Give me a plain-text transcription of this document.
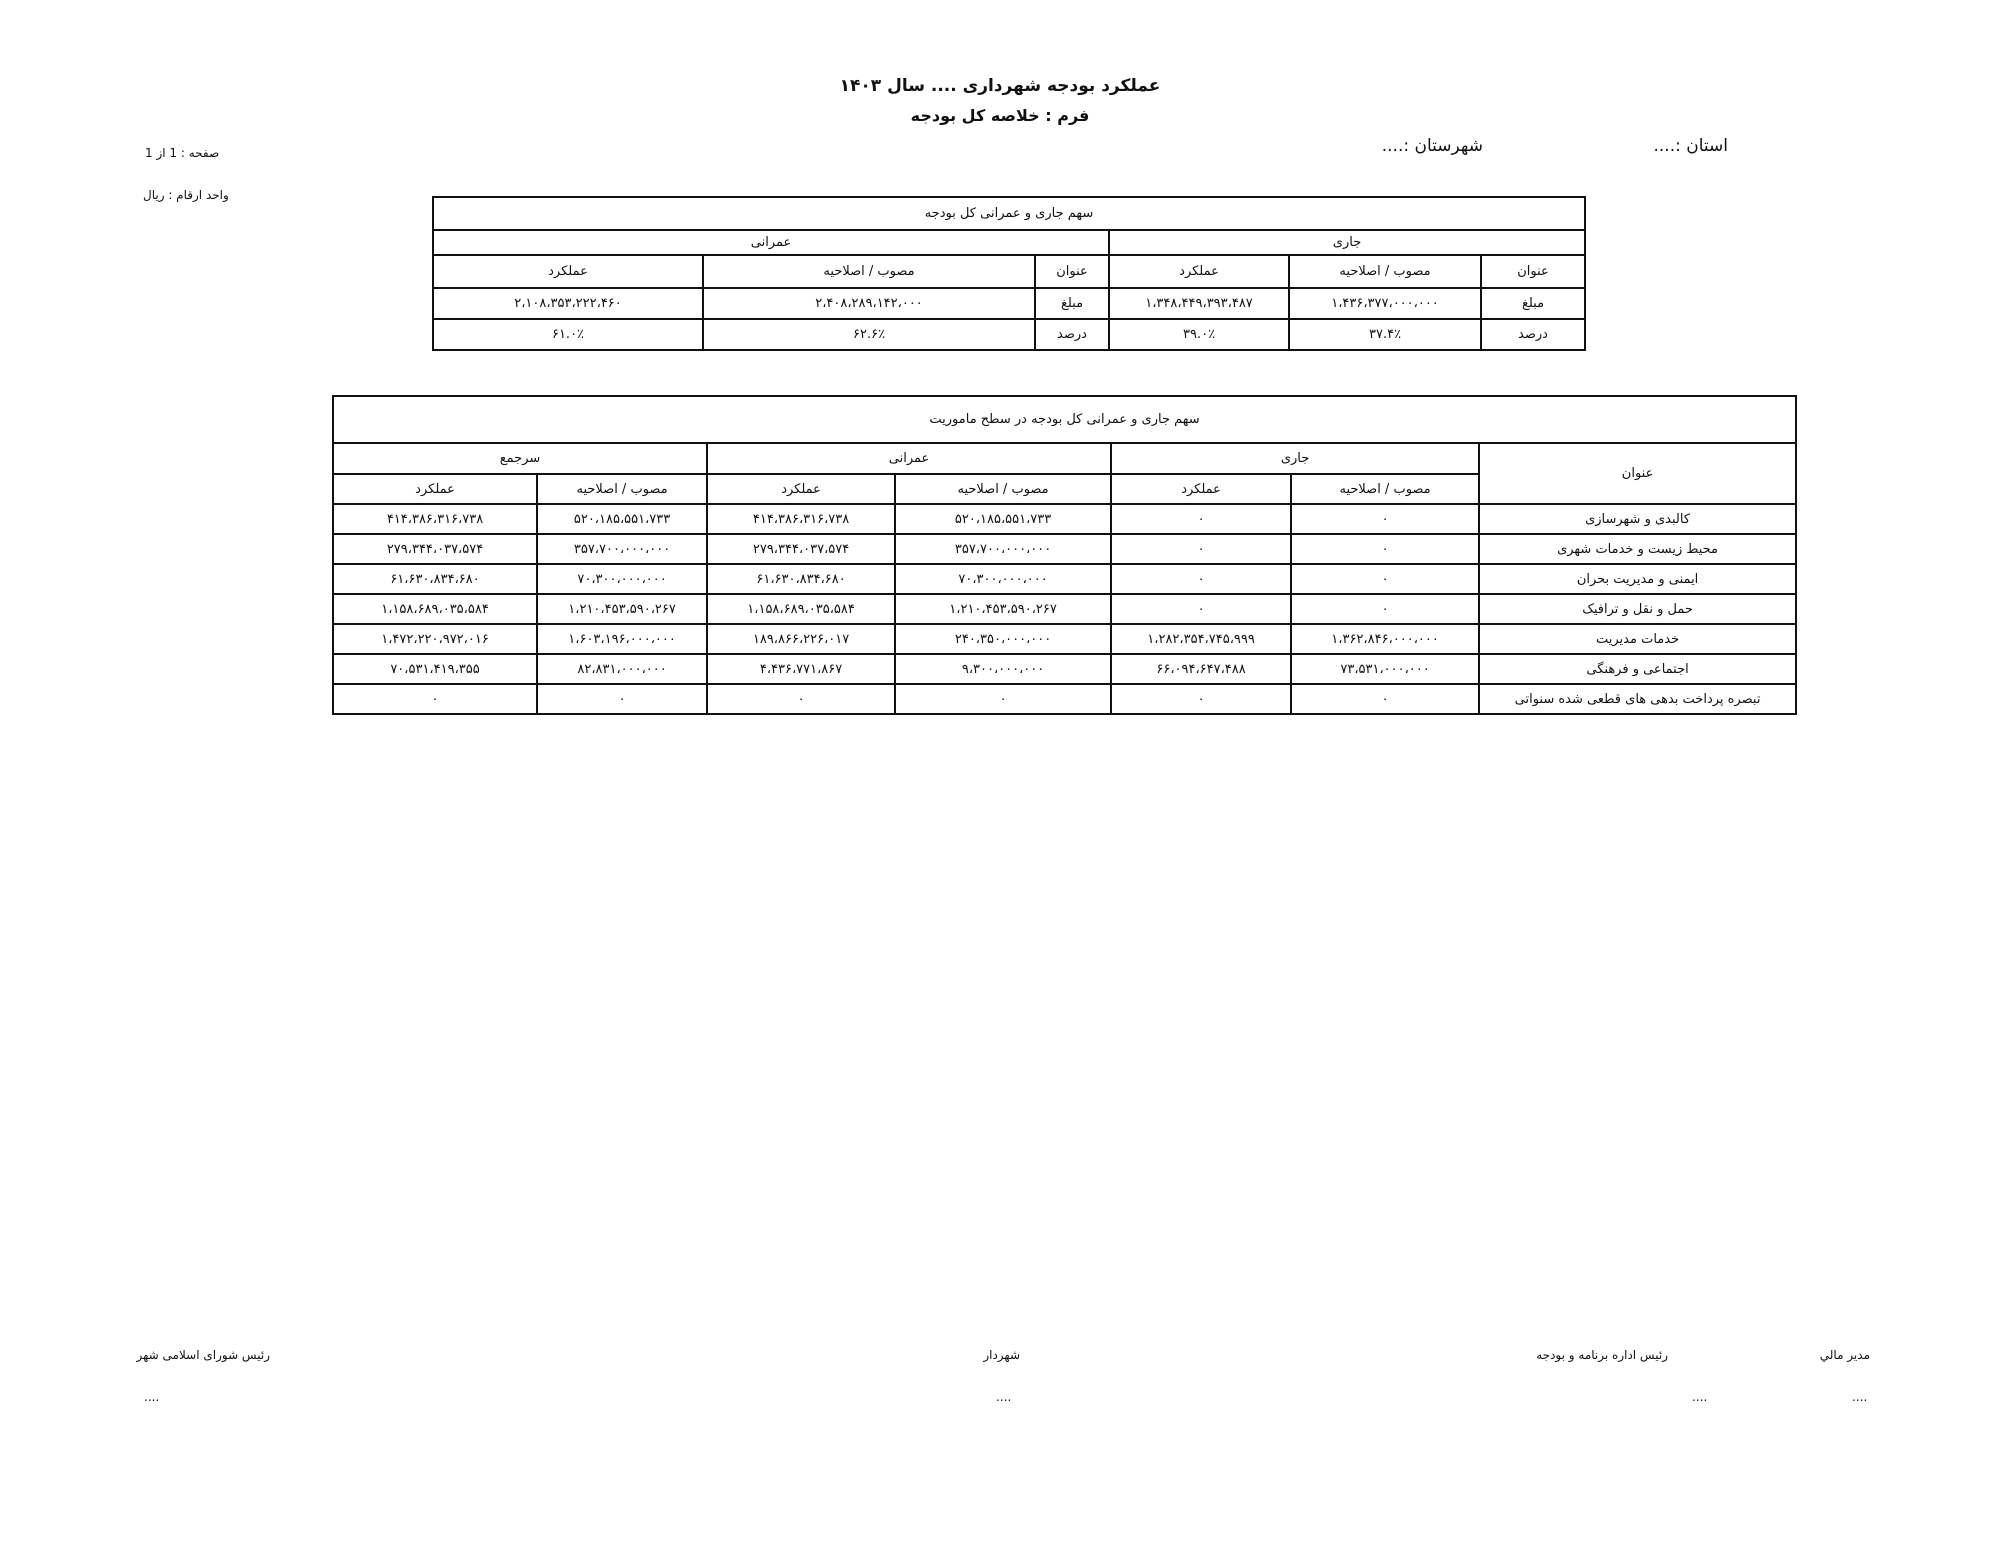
عملکرد بودجه شهرداری .... سال ۱۴۰۳
فرم : خلاصه کل بودجه
استان :....
شهرستان :....
صفحه : 1 از 1
واحد ارقام : ريال
سهم جاری و عمرانی کل بودجه					
جاری			عمرانی		
عنوان	مصوب / اصلاحیه	عملکرد	عنوان	مصوب / اصلاحیه	عملکرد
مبلغ	۱،۴۳۶،۳۷۷،۰۰۰،۰۰۰	۱،۳۴۸،۴۴۹،۳۹۳،۴۸۷	مبلغ	۲،۴۰۸،۲۸۹،۱۴۲،۰۰۰	۲،۱۰۸،۳۵۳،۲۲۲،۴۶۰
درصد	۳۷.۴٪	۳۹.۰٪	درصد	۶۲.۶٪	۶۱.۰٪
سهم جاری و عمرانی کل بودجه در سطح ماموریت						
عنوان	جاری		عمرانی		سرجمع	
	مصوب / اصلاحیه	عملکرد	مصوب / اصلاحیه	عملکرد	مصوب / اصلاحیه	عملکرد
کالبدی و شهرسازی	۰	۰	۵۲۰،۱۸۵،۵۵۱،۷۳۳	۴۱۴،۳۸۶،۳۱۶،۷۳۸	۵۲۰،۱۸۵،۵۵۱،۷۳۳	۴۱۴،۳۸۶،۳۱۶،۷۳۸
محیط زیست و خدمات شهری	۰	۰	۳۵۷،۷۰۰،۰۰۰،۰۰۰	۲۷۹،۳۴۴،۰۳۷،۵۷۴	۳۵۷،۷۰۰،۰۰۰،۰۰۰	۲۷۹،۳۴۴،۰۳۷،۵۷۴
ایمنی و مدیریت بحران	۰	۰	۷۰،۳۰۰،۰۰۰،۰۰۰	۶۱،۶۳۰،۸۳۴،۶۸۰	۷۰،۳۰۰،۰۰۰،۰۰۰	۶۱،۶۳۰،۸۳۴،۶۸۰
حمل و نقل و ترافیک	۰	۰	۱،۲۱۰،۴۵۳،۵۹۰،۲۶۷	۱،۱۵۸،۶۸۹،۰۳۵،۵۸۴	۱،۲۱۰،۴۵۳،۵۹۰،۲۶۷	۱،۱۵۸،۶۸۹،۰۳۵،۵۸۴
خدمات مدیریت	۱،۳۶۲،۸۴۶،۰۰۰،۰۰۰	۱،۲۸۲،۳۵۴،۷۴۵،۹۹۹	۲۴۰،۳۵۰،۰۰۰،۰۰۰	۱۸۹،۸۶۶،۲۲۶،۰۱۷	۱،۶۰۳،۱۹۶،۰۰۰،۰۰۰	۱،۴۷۲،۲۲۰،۹۷۲،۰۱۶
اجتماعی و فرهنگی	۷۳،۵۳۱،۰۰۰،۰۰۰	۶۶،۰۹۴،۶۴۷،۴۸۸	۹،۳۰۰،۰۰۰،۰۰۰	۴،۴۳۶،۷۷۱،۸۶۷	۸۲،۸۳۱،۰۰۰،۰۰۰	۷۰،۵۳۱،۴۱۹،۳۵۵
تبصره پرداخت بدهی های قطعی شده سنواتی	۰	۰	۰	۰	۰	۰
مدیر مالي
....
رئيس اداره برنامه و بودجه
....
شهردار
....
رئيس شورای اسلامی شهر
....
